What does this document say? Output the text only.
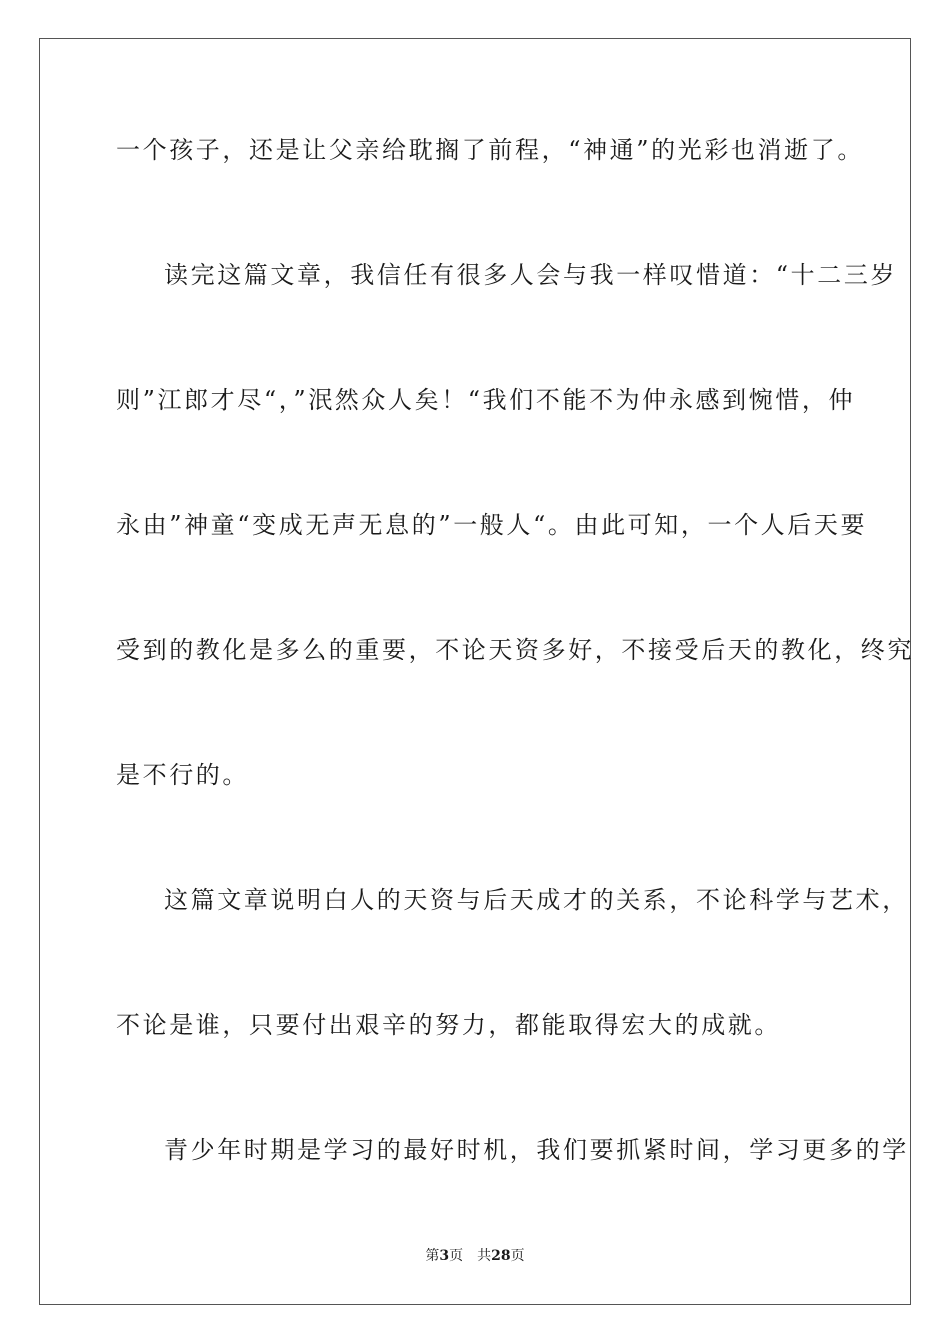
一个孩子，还是让父亲给耽搁了前程，“神通”的光彩也消逝了。
读完这篇文章，我信任有很多人会与我一样叹惜道：“十二三岁
则”江郎才尽“，”泯然众人矣！“我们不能不为仲永感到惋惜，仲
永由”神童“变成无声无息的”一般人“。由此可知，一个人后天要
受到的教化是多么的重要，不论天资多好，不接受后天的教化，终究
是不行的。
这篇文章说明白人的天资与后天成才的关系，不论科学与艺术，
不论是谁，只要付出艰辛的努力，都能取得宏大的成就。
青少年时期是学习的最好时机，我们要抓紧时间，学习更多的学
第3页 共28页
